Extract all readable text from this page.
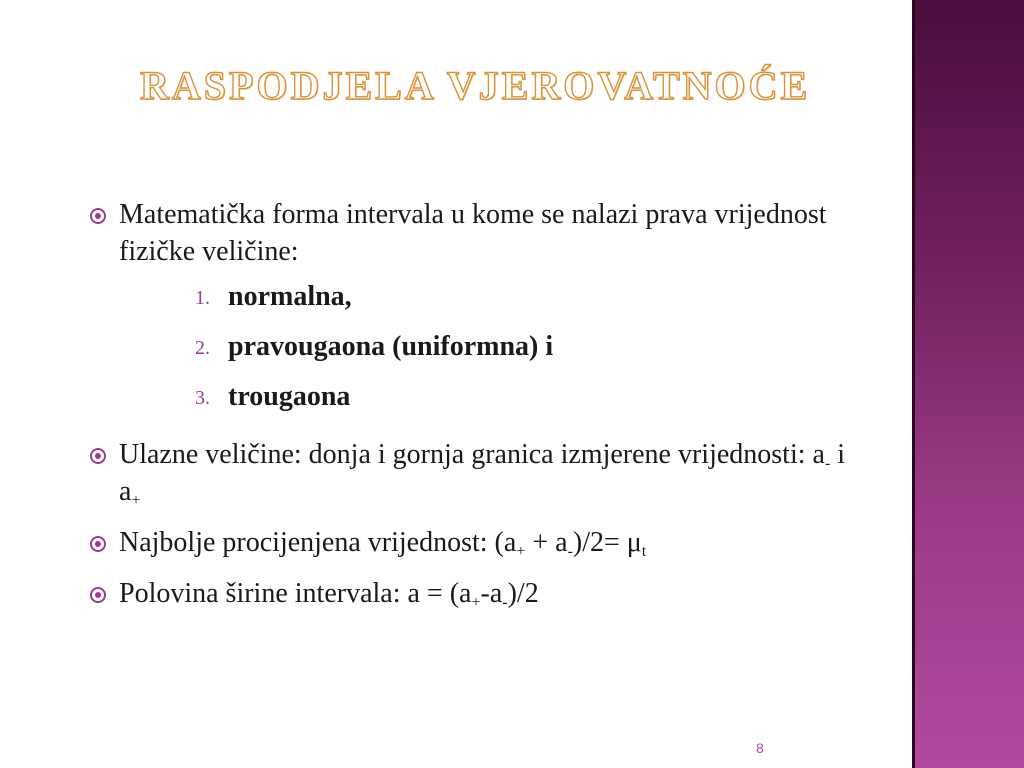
RASPODJELA VJEROVATNOĆE
Matematička forma intervala u kome se nalazi prava vrijednost fizičke veličine:
1. normalna,
2. pravougaona (uniformna) i
3. trougaona
Ulazne veličine: donja i gornja granica izmjerene vrijednosti: $a_-$ i $a_+$
Najbolje procijenjena vrijednost: $(a_+ + a_-)/2= \mu_t$
Polovina širine intervala: $a = (a_+-a_-)/2$
8
